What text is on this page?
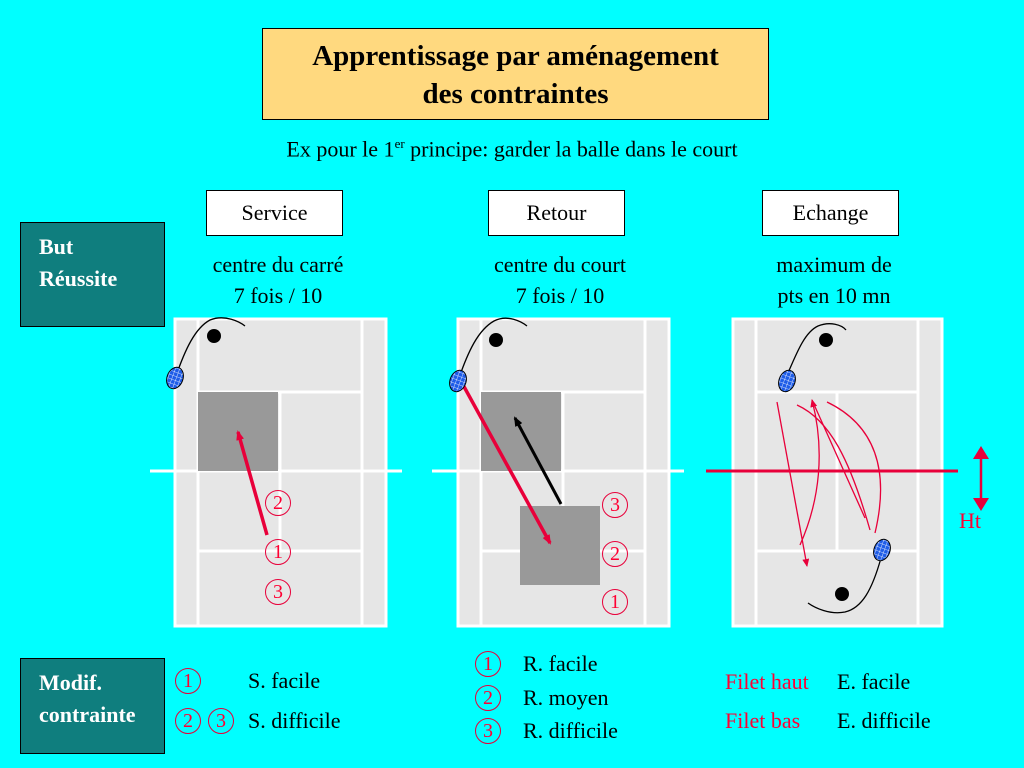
Apprentissage par aménagement
des contraintes
Ex pour le 1er principe: garder la balle dans le court
Service	Retour	Echange
But
Réussite
centre du carré
7 fois / 10
centre du court
7 fois / 10
maximum de
pts en 10 mn
2
1
3
3
2
1
Ht
Modif.
contrainte
1	S. facile
2	3	S. difficile
1	R. facile
2	R. moyen
3	R. difficile
Filet haut E. facile
Filet bas E. difficile
